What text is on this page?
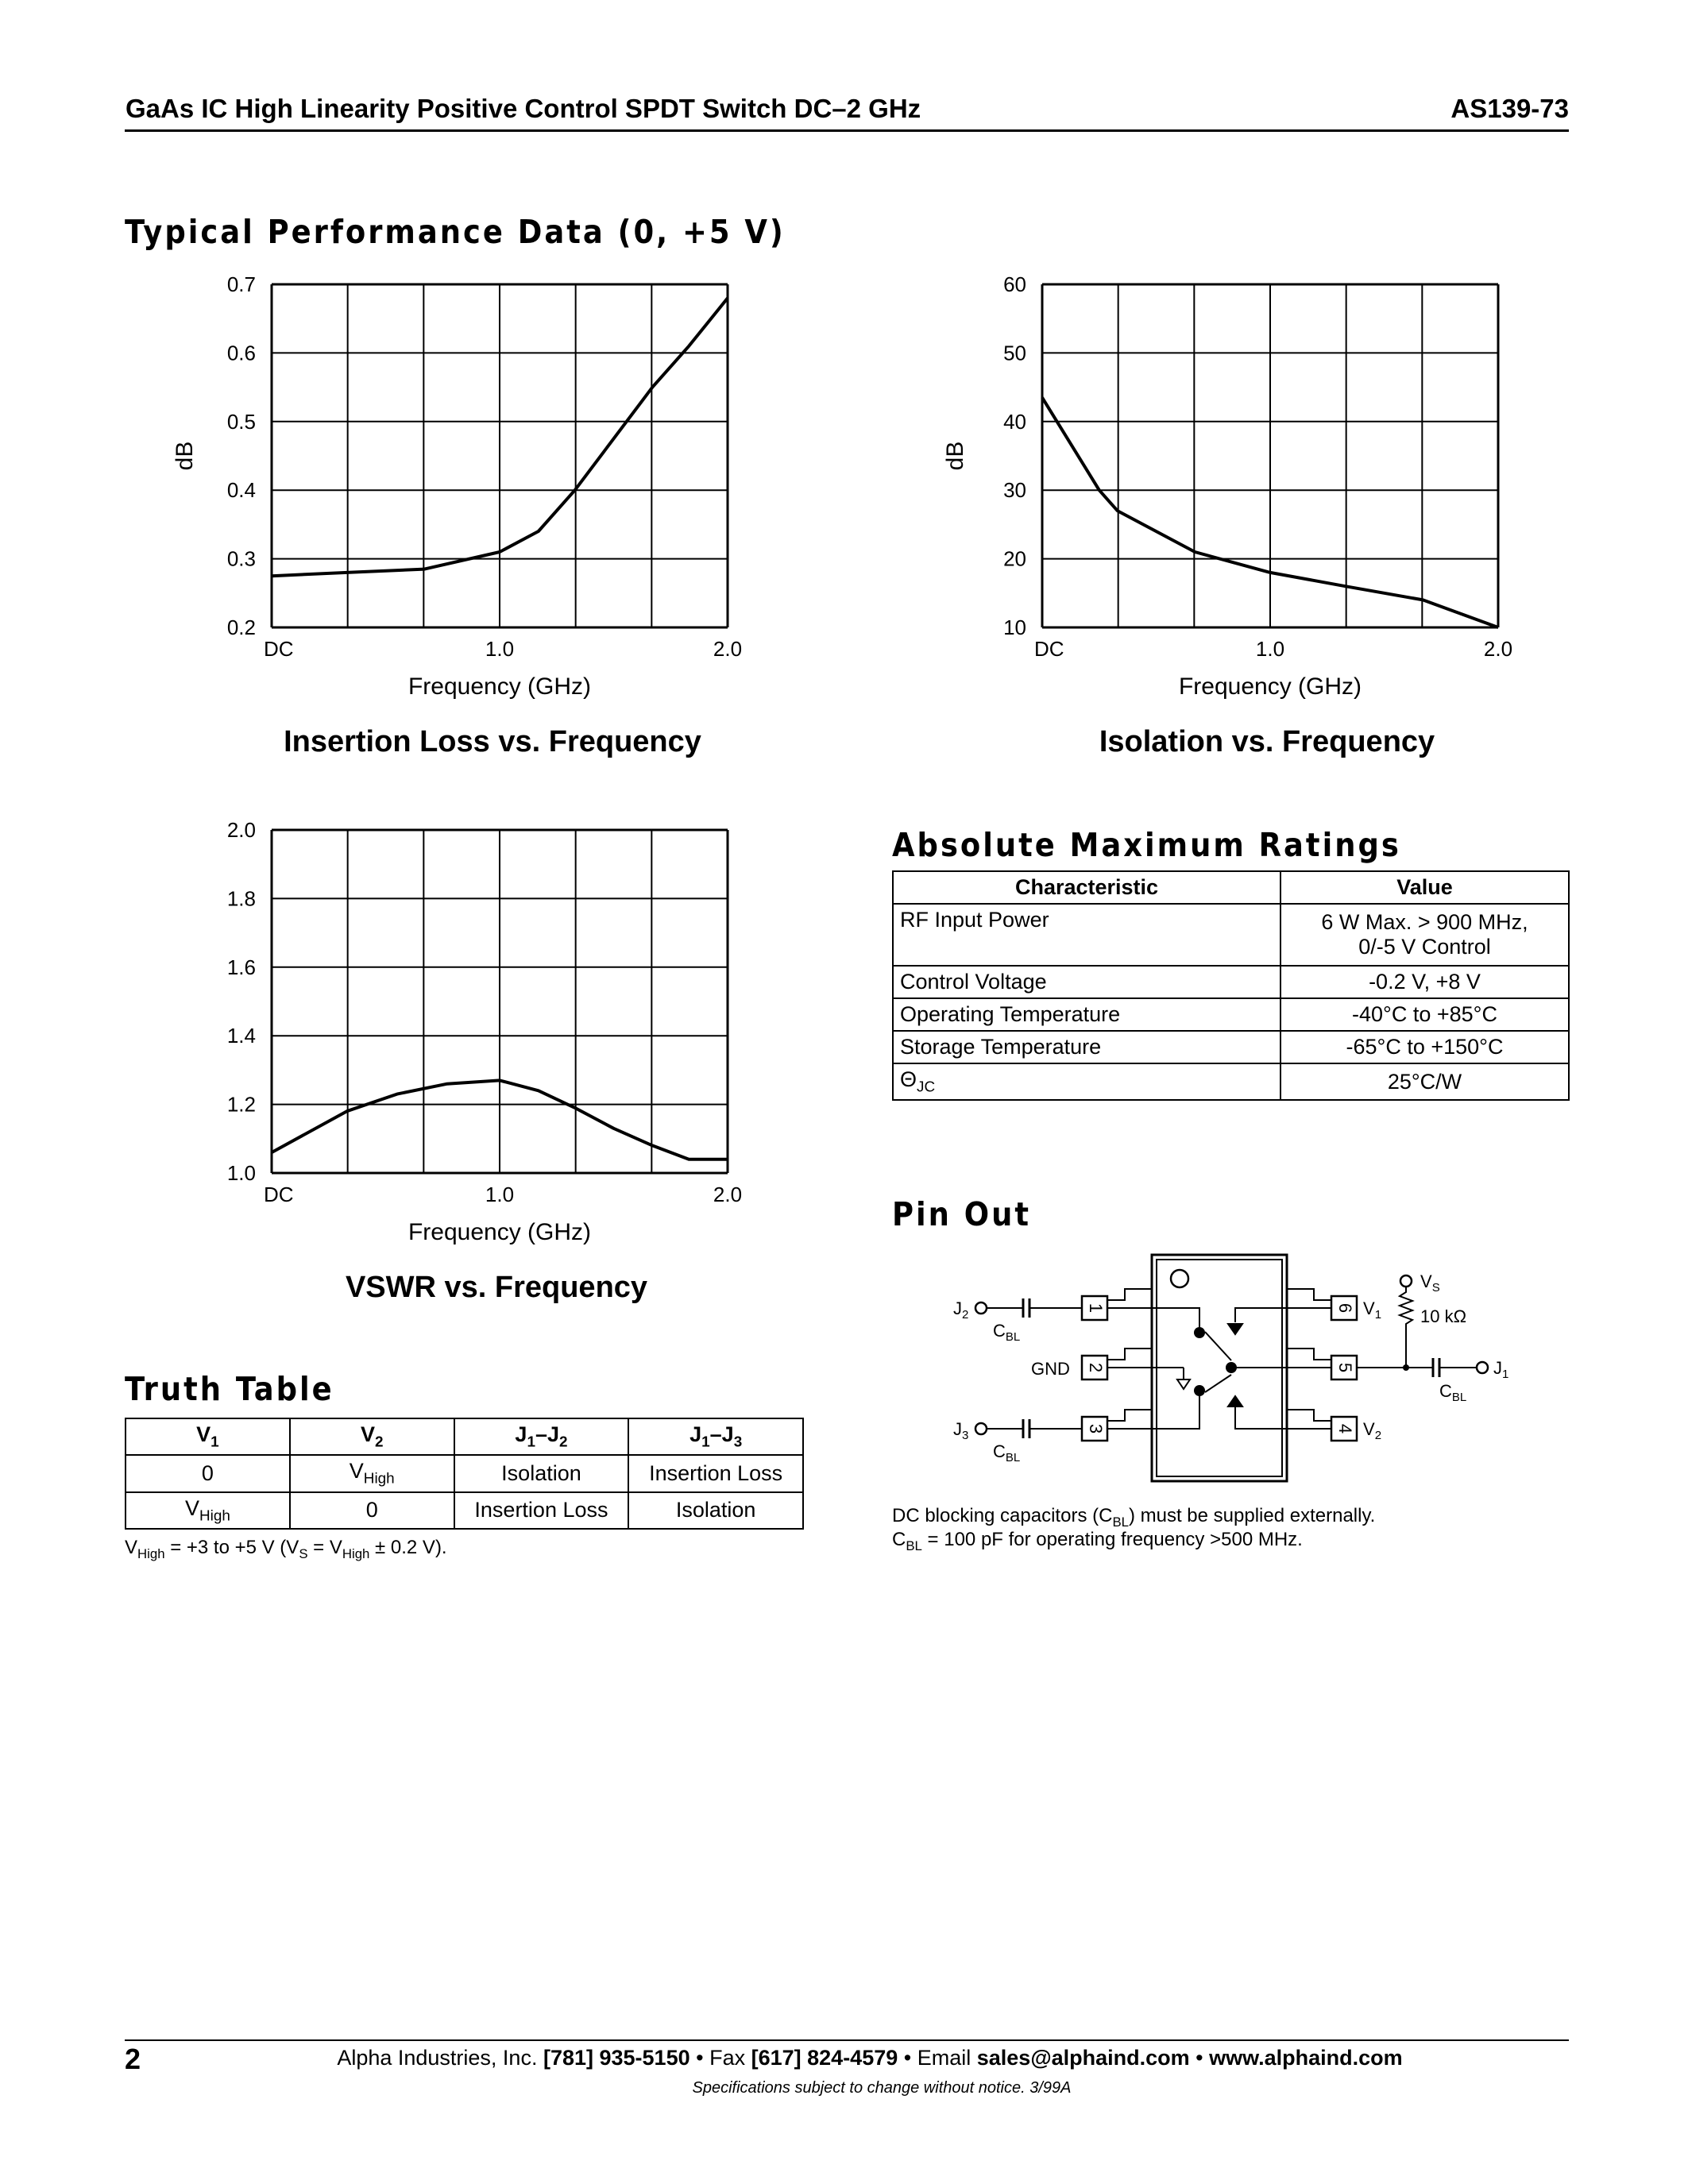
GaAs IC High Linearity Positive Control SPDT Switch DC–2 GHz	AS139-73
Typical Performance Data (0, +5 V)
0.7
0.6
0.5
0.4
0.3
0.2
DC	1.0	2.0
Frequency (GHz)
dB
Insertion Loss vs. Frequency
60
50
40
30
20
10
DC	1.0	2.0
Frequency (GHz)
dB
Isolation vs. Frequency
2.0
1.8
1.6
1.4
1.2
1.0
DC	1.0	2.0
Frequency (GHz)
VSWR vs. Frequency
Truth Table
$V_1$	$V_2$	$J_1-J_2$	$J_1-J_3$
0	$V_{High}$	Isolation	Insertion Loss
$V_{High}$	0	Insertion Loss	Isolation
$V_{High} = +3$ to +5 V ($V_S = V_{High} \pm 0.2$ V).
Absolute Maximum Ratings
Characteristic	Value
RF Input Power	6 W Max. > 900 MHz,
0/-5 V Control
Control Voltage	-0.2 V, +8 V
Operating Temperature	-40°C to +85°C
Storage Temperature	-65°C to +150°C
$\Theta_{JC}$	25°C/W
Pin Out
1
2
3
6
5
4
$J_2$
$C_{BL}$
GND
$J_3$
$C_{BL}$
$V_1$
$V_2$
$V_S$
10 kΩ
$J_1$
$C_{BL}$
DC blocking capacitors $(C_{BL})$ must be supplied externally.
$C_{BL} = 100$ pF for operating frequency >500 MHz.
2	Alpha Industries, Inc. [781] 935-5150 • Fax [617] 824-4579 • Email sales@alphaind.com • www.alphaind.com
Specifications subject to change without notice. 3/99A
